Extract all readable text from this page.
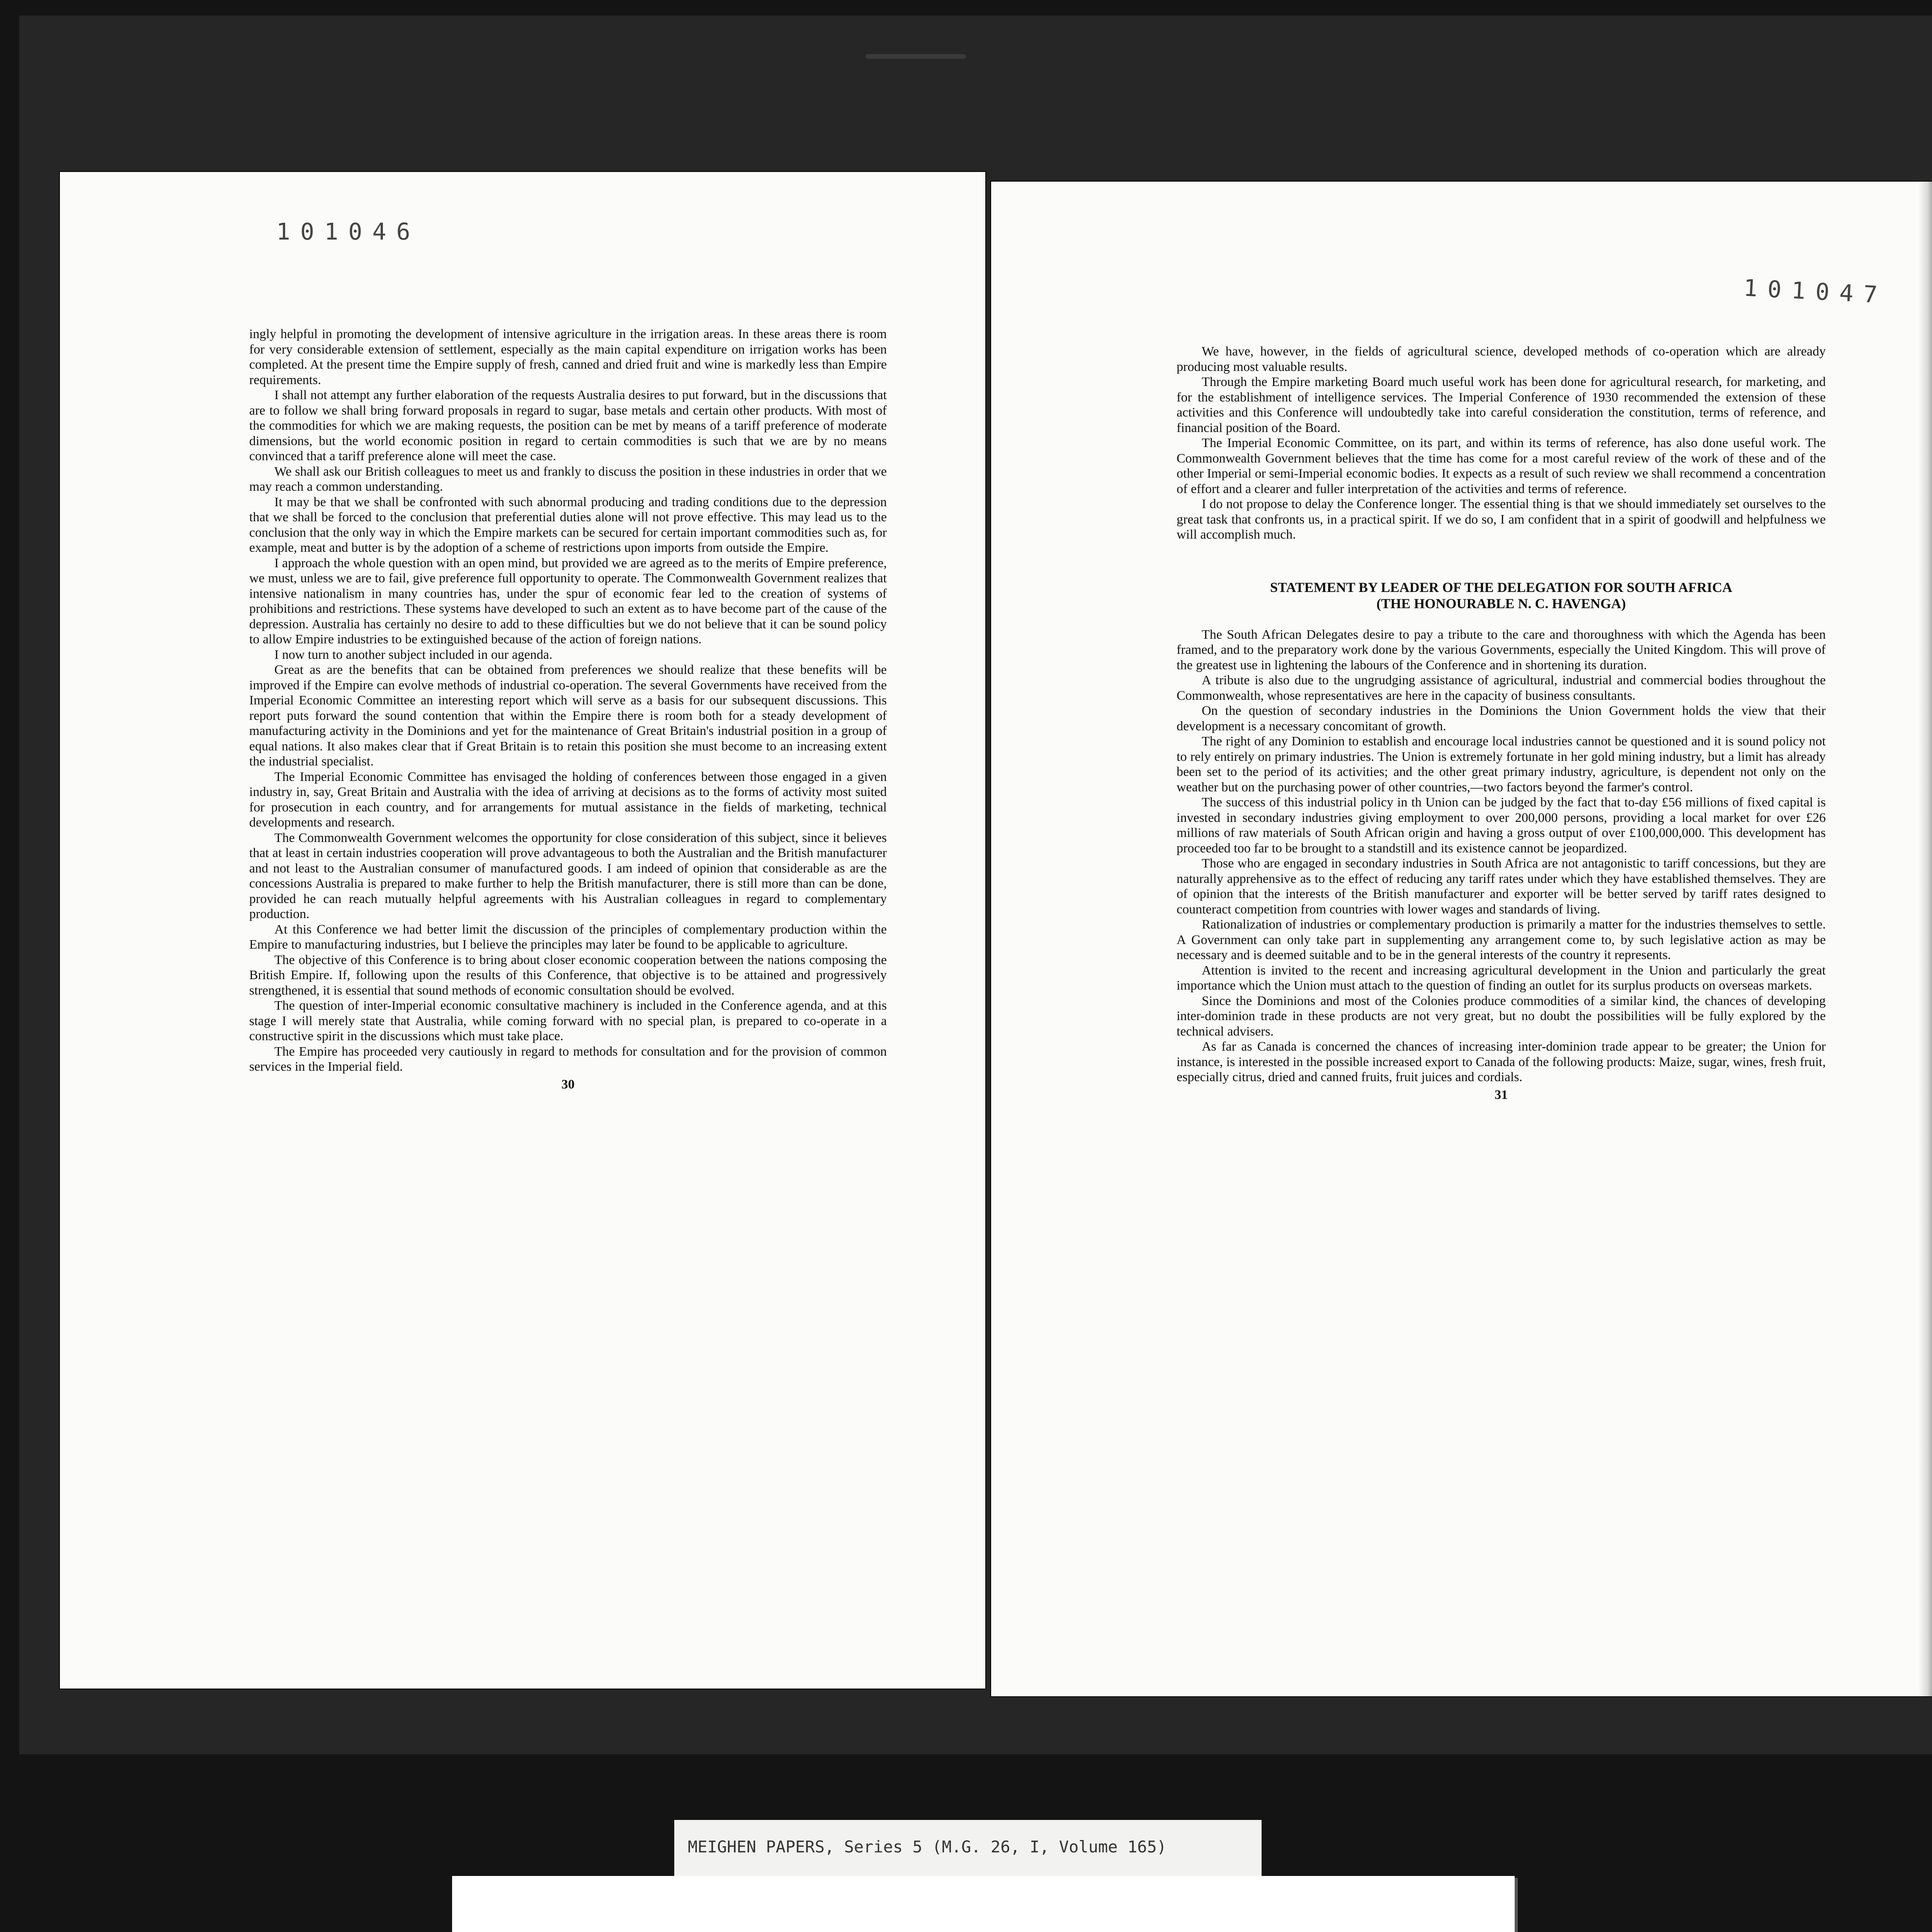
101046

ingly helpful in promoting the development of intensive agriculture in the irrigation areas. In these areas there is room for very considerable extension of settlement, especially as the main capital expenditure on irrigation works has been completed. At the present time the Empire supply of fresh, canned and dried fruit and wine is markedly less than Empire requirements.

I shall not attempt any further elaboration of the requests Australia desires to put forward, but in the discussions that are to follow we shall bring forward proposals in regard to sugar, base metals and certain other products. With most of the commodities for which we are making requests, the position can be met by means of a tariff preference of moderate dimensions, but the world economic position in regard to certain commodities is such that we are by no means convinced that a tariff preference alone will meet the case.

We shall ask our British colleagues to meet us and frankly to discuss the position in these industries in order that we may reach a common understanding.

It may be that we shall be confronted with such abnormal producing and trading conditions due to the depression that we shall be forced to the conclusion that preferential duties alone will not prove effective. This may lead us to the conclusion that the only way in which the Empire markets can be secured for certain important commodities such as, for example, meat and butter is by the adoption of a scheme of restrictions upon imports from outside the Empire.

I approach the whole question with an open mind, but provided we are agreed as to the merits of Empire preference, we must, unless we are to fail, give preference full opportunity to operate. The Commonwealth Government realizes that intensive nationalism in many countries has, under the spur of economic fear led to the creation of systems of prohibitions and restrictions. These systems have developed to such an extent as to have become part of the cause of the depression. Australia has certainly no desire to add to these difficulties but we do not believe that it can be sound policy to allow Empire industries to be extinguished because of the action of foreign nations.

I now turn to another subject included in our agenda.

Great as are the benefits that can be obtained from preferences we should realize that these benefits will be improved if the Empire can evolve methods of industrial co-operation. The several Governments have received from the Imperial Economic Committee an interesting report which will serve as a basis for our subsequent discussions. This report puts forward the sound contention that within the Empire there is room both for a steady development of manufacturing activity in the Dominions and yet for the maintenance of Great Britain's industrial position in a group of equal nations. It also makes clear that if Great Britain is to retain this position she must become to an increasing extent the industrial specialist.

The Imperial Economic Committee has envisaged the holding of conferences between those engaged in a given industry in, say, Great Britain and Australia with the idea of arriving at decisions as to the forms of activity most suited for prosecution in each country, and for arrangements for mutual assistance in the fields of marketing, technical developments and research.

The Commonwealth Government welcomes the opportunity for close consideration of this subject, since it believes that at least in certain industries cooperation will prove advantageous to both the Australian and the British manufacturer and not least to the Australian consumer of manufactured goods. I am indeed of opinion that considerable as are the concessions Australia is prepared to make further to help the British manufacturer, there is still more than can be done, provided he can reach mutually helpful agreements with his Australian colleagues in regard to complementary production.

At this Conference we had better limit the discussion of the principles of complementary production within the Empire to manufacturing industries, but I believe the principles may later be found to be applicable to agriculture.

The objective of this Conference is to bring about closer economic cooperation between the nations composing the British Empire. If, following upon the results of this Conference, that objective is to be attained and progressively strengthened, it is essential that sound methods of economic consultation should be evolved.

The question of inter-Imperial economic consultative machinery is included in the Conference agenda, and at this stage I will merely state that Australia, while coming forward with no special plan, is prepared to co-operate in a constructive spirit in the discussions which must take place.

The Empire has proceeded very cautiously in regard to methods for consultation and for the provision of common services in the Imperial field.

30
101047

We have, however, in the fields of agricultural science, developed methods of co-operation which are already producing most valuable results.

Through the Empire marketing Board much useful work has been done for agricultural research, for marketing, and for the establishment of intelligence services. The Imperial Conference of 1930 recommended the extension of these activities and this Conference will undoubtedly take into careful consideration the constitution, terms of reference, and financial position of the Board.

The Imperial Economic Committee, on its part, and within its terms of reference, has also done useful work. The Commonwealth Government believes that the time has come for a most careful review of the work of these and of the other Imperial or semi-Imperial economic bodies. It expects as a result of such review we shall recommend a concentration of effort and a clearer and fuller interpretation of the activities and terms of reference.

I do not propose to delay the Conference longer. The essential thing is that we should immediately set ourselves to the great task that confronts us, in a practical spirit. If we do so, I am confident that in a spirit of goodwill and helpfulness we will accomplish much.

STATEMENT BY LEADER OF THE DELEGATION FOR SOUTH AFRICA
(THE HONOURABLE N. C. HAVENGA)

The South African Delegates desire to pay a tribute to the care and thoroughness with which the Agenda has been framed, and to the preparatory work done by the various Governments, especially the United Kingdom. This will prove of the greatest use in lightening the labours of the Conference and in shortening its duration.

A tribute is also due to the ungrudging assistance of agricultural, industrial and commercial bodies throughout the Commonwealth, whose representatives are here in the capacity of business consultants.

On the question of secondary industries in the Dominions the Union Government holds the view that their development is a necessary concomitant of growth.

The right of any Dominion to establish and encourage local industries cannot be questioned and it is sound policy not to rely entirely on primary industries. The Union is extremely fortunate in her gold mining industry, but a limit has already been set to the period of its activities; and the other great primary industry, agriculture, is dependent not only on the weather but on the purchasing power of other countries,—two factors beyond the farmer's control.

The success of this industrial policy in th Union can be judged by the fact that to-day £56 millions of fixed capital is invested in secondary industries giving employment to over 200,000 persons, providing a local market for over £26 millions of raw materials of South African origin and having a gross output of over £100,000,000. This development has proceeded too far to be brought to a standstill and its existence cannot be jeopardized.

Those who are engaged in secondary industries in South Africa are not antagonistic to tariff concessions, but they are naturally apprehensive as to the effect of reducing any tariff rates under which they have established themselves. They are of opinion that the interests of the British manufacturer and exporter will be better served by tariff rates designed to counteract competition from countries with lower wages and standards of living.

Rationalization of industries or complementary production is primarily a matter for the industries themselves to settle. A Government can only take part in supplementing any arrangement come to, by such legislative action as may be necessary and is deemed suitable and to be in the general interests of the country it represents.

Attention is invited to the recent and increasing agricultural development in the Union and particularly the great importance which the Union must attach to the question of finding an outlet for its surplus products on overseas markets.

Since the Dominions and most of the Colonies produce commodities of a similar kind, the chances of developing inter-dominion trade in these products are not very great, but no doubt the possibilities will be fully explored by the technical advisers.

As far as Canada is concerned the chances of increasing inter-dominion trade appear to be greater; the Union for instance, is interested in the possible increased export to Canada of the following products: Maize, sugar, wines, fresh fruit, especially citrus, dried and canned fruits, fruit juices and cordials.

31
MEIGHEN PAPERS, Series 5 (M.G. 26, I, Volume 165)
